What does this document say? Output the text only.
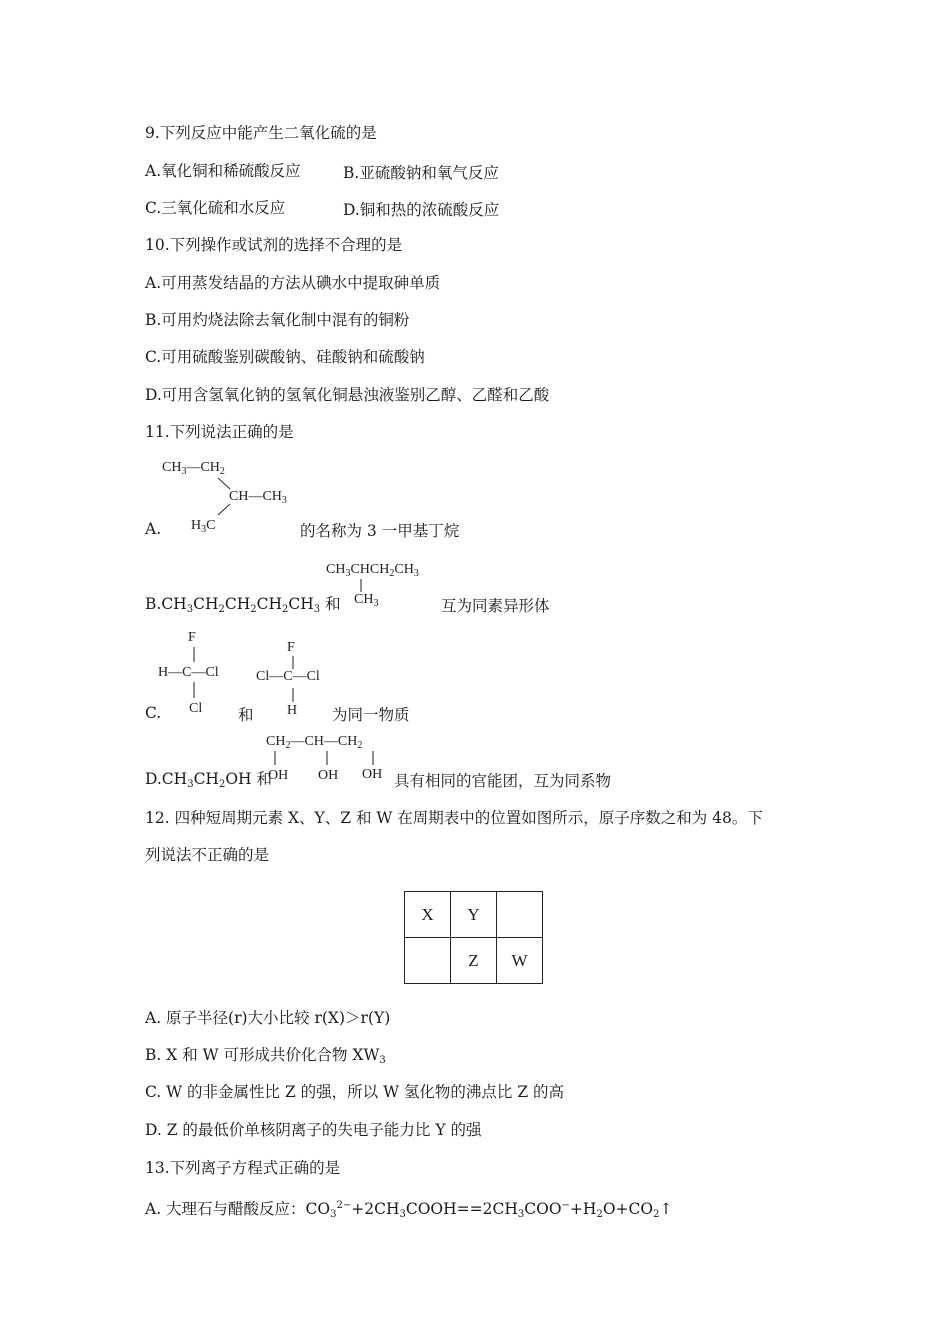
9.下列反应中能产生二氧化硫的是
A.氧化铜和稀硫酸反应	B.亚硫酸钠和氧气反应
C.三氧化硫和水反应	D.铜和热的浓硫酸反应
10.下列操作或试剂的选择不合理的是
A.可用蒸发结晶的方法从碘水中提取砷单质
B.可用灼烧法除去氧化制中混有的铜粉
C.可用硫酸鉴别碳酸钠、硅酸钠和硫酸钠
D.可用含氢氧化钠的氢氧化铜悬浊液鉴别乙醇、乙醛和乙酸
11.下列说法正确的是
$CH_3—CH_2$
$CH—CH_3$
$H_3C$
A.	的名称为 3 一甲基丁烷
$CH_3CHCH_2CH_3$
$CH_3$
$B.CH_3CH_2CH_2CH_2CH_3$ 和	互为同素异形体
F
H—C—Cl
Cl
F
Cl—C—Cl
H
C.	和	为同一物质
$CH_2—CH—CH_2$
OH OH OH
$D.CH_3CH_2OH$ 和	具有相同的官能团，互为同系物
12. 四种短周期元素 X、Y、Z 和 W 在周期表中的位置如图所示，原子序数之和为 48。下
列说法不正确的是
X	Y	
	Z	W
A. 原子半径(r)大小比较 r(X)＞r(Y)
B. X 和 W 可形成共价化合物 $XW_3$
C. W 的非金属性比 Z 的强，所以 W 氢化物的沸点比 Z 的高
D. Z 的最低价单核阴离子的失电子能力比 Y 的强
13.下列离子方程式正确的是
A. 大理石与醋酸反应：$CO_3^{2-}+2CH_3COOH==2CH_3COO^-+H_2O+CO_2↑$
